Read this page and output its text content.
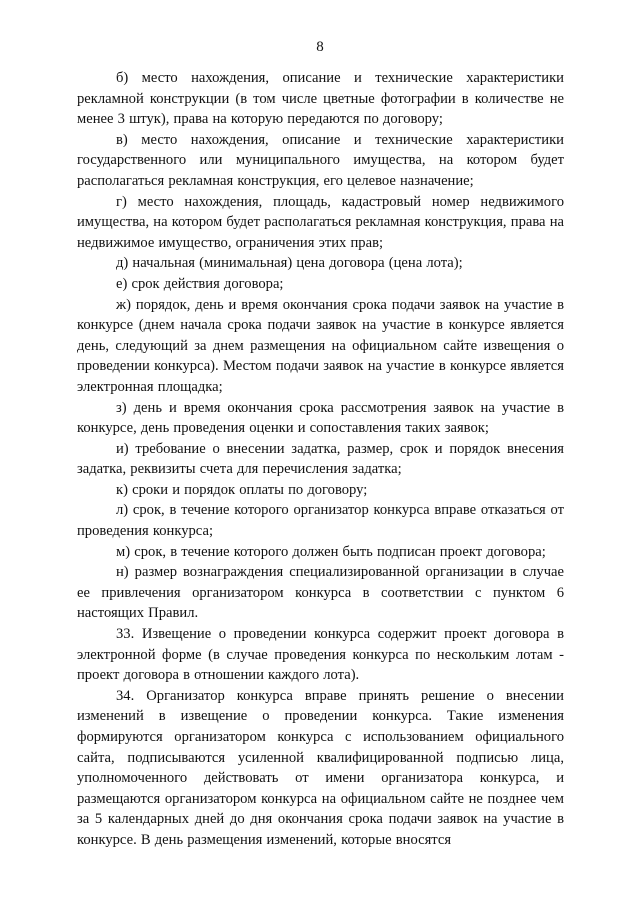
8

б) место нахождения, описание и технические характеристики рекламной конструкции (в том числе цветные фотографии в количестве не менее 3 штук), права на которую передаются по договору;

в) место нахождения, описание и технические характеристики государственного или муниципального имущества, на котором будет располагаться рекламная конструкция, его целевое назначение;

г) место нахождения, площадь, кадастровый номер недвижимого имущества, на котором будет располагаться рекламная конструкция, права на недвижимое имущество, ограничения этих прав;

д) начальная (минимальная) цена договора (цена лота);

е) срок действия договора;

ж) порядок, день и время окончания срока подачи заявок на участие в конкурсе (днем начала срока подачи заявок на участие в конкурсе является день, следующий за днем размещения на официальном сайте извещения о проведении конкурса). Местом подачи заявок на участие в конкурсе является электронная площадка;

з) день и время окончания срока рассмотрения заявок на участие в конкурсе, день проведения оценки и сопоставления таких заявок;

и) требование о внесении задатка, размер, срок и порядок внесения задатка, реквизиты счета для перечисления задатка;

к) сроки и порядок оплаты по договору;

л) срок, в течение которого организатор конкурса вправе отказаться от проведения конкурса;

м) срок, в течение которого должен быть подписан проект договора;

н) размер вознаграждения специализированной организации в случае ее привлечения организатором конкурса в соответствии с пунктом 6 настоящих Правил.

33. Извещение о проведении конкурса содержит проект договора в электронной форме (в случае проведения конкурса по нескольким лотам - проект договора в отношении каждого лота).

34. Организатор конкурса вправе принять решение о внесении изменений в извещение о проведении конкурса. Такие изменения формируются организатором конкурса с использованием официального сайта, подписываются усиленной квалифицированной подписью лица, уполномоченного действовать от имени организатора конкурса, и размещаются организатором конкурса на официальном сайте не позднее чем за 5 календарных дней до дня окончания срока подачи заявок на участие в конкурсе. В день размещения изменений, которые вносятся
